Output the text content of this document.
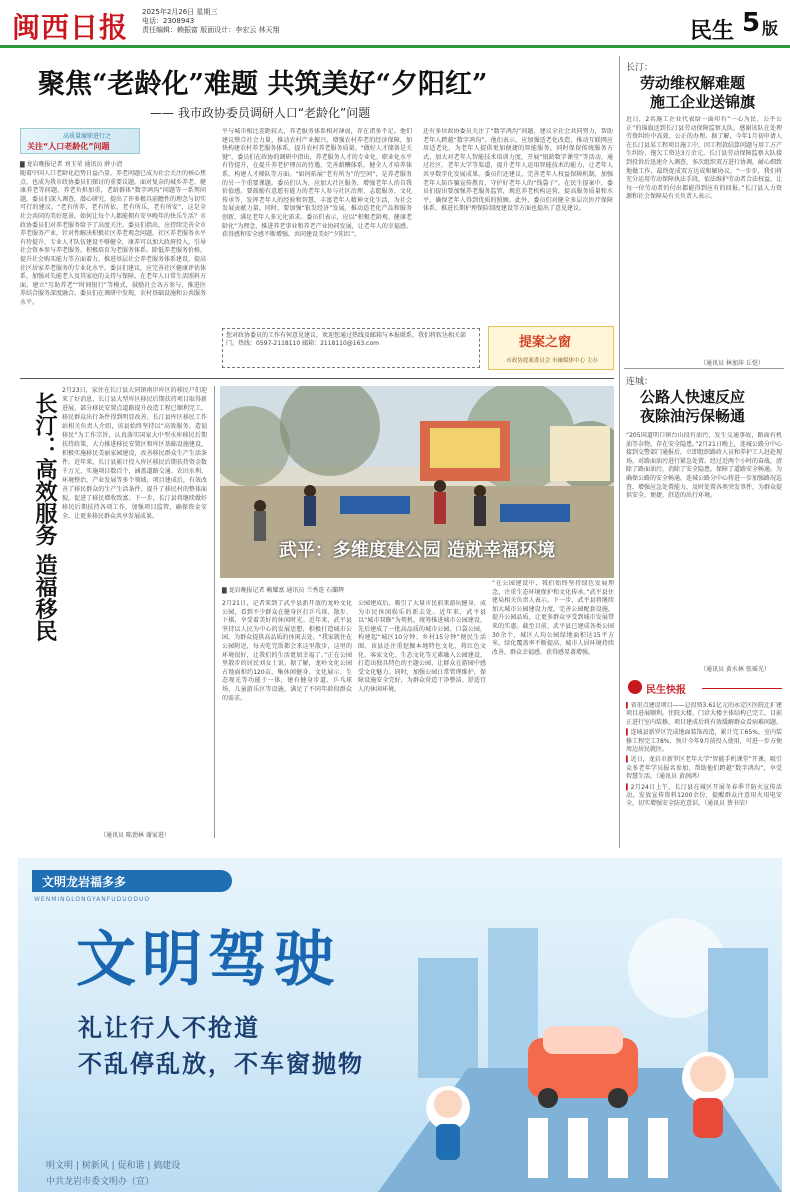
闽西日报 2025年2月26日 星期三
电话：2308943
责任编辑：赖振富 版面设计：李宏云 林天翔	民生 5 版
聚焦“老龄化”难题 共筑美好“夕阳红”
—— 我市政协委员调研人口“老龄化”问题
高质量履职进行之
关注“人口老龄化”问题
▇ 龙岩晚报记者 刘玉荣 通讯员 薛小清
随着中国人口老龄化趋势日益凸显，养老问题已成为社会关注的核心焦点，也成为我市政协委员们探讨的重要议题。面对复杂的城乡养老、健康养老等问题，养老负担加重，老龄群体“数字鸿沟”问题等一系列问题，委员们深入调查，潜心研究，提出了许多极具前瞻性的理念与切实可行的建议。“老有所养，老有所依，老有所乐，老有所安”，这是全社会共同的美好愿景。如何让每个人都能拥有安享晚年的快乐生活？市政协委员们对养老服务给予了高度关注。委员们指出，应持续完善全市养老服务产业，针对性解决积极社区养老观念问题，社区养老服务水平有待提升，专业人才队伍建设不够健全，康养可以加大政府投入，引导社会资本参与养老服务，积极培育为老服务体系。除低养老服务价格，提升社会购买能力等方面着力，推进基层社会养老服务体系建设，提高社区居家养老服务的专业化水平。委员们建议，应完善社区健康评估体系，加强对失能老人及其家庭的支持与保障。在老年人日常生活照料方面，建立“互助养老”“时间银行”等模式，鼓励社会各方参与，推进医养结合服务深度融合。委员们在调研中发现，农村基础设施和公共服务水平。
平与城市相比差距较大，养老服务体系相对薄弱，存在诸多不足。他们建议整合社会力量，推动农村产业振兴，增强农村养老的经济保障，加快构建农村养老服务体系，提升农村养老服务质量。“做好人才储备是关键”，委员们在政协的调研中指出，养老服务人才的专业化、职业化水平有待提升，在提升养老护理员的待遇，完善薪酬体系，健全人才培养体系，构建人才梯队等方面。“如何拓展“老有所为”的空间”，是养老服务的另一个重要课题。委员们认为，应加大社区服务，增强老年人的自我价值感。要鼓励有意愿有能力的老年人参与社区治理、志愿服务、文化传承等，发挥老年人的经验和智慧，丰富老年人精神文化生活，为社会发展贡献力量。同时，要加强“银发经济”发展，推动适老化产品和服务创新，满足老年人多元化需求。委员们表示，应以“积极老龄观、健康老龄化”为理念，推进养老事业和养老产业协同发展，让老年人的幸福感、获得感和安全感不断增强，共同建设美好“夕阳红”。
还有多位政协委员关注了“数字鸿沟”问题，建议全社会共同努力，帮助老年人跨越“数字鸿沟”。他们表示，应加强适老化改造，推动互联网应用适老化，为老年人提供更加便捷的智能服务，同时保留传统服务方式。加大对老年人智能技术培训力度，开展“银龄数字课堂”等活动，通过社区、老年大学等渠道，提升老年人运用智能技术的能力，让老年人共享数字化发展成果。委员们还建议，完善老年人权益保障机制，加强老年人防诈骗宣传教育，守护好老年人的“钱袋子”。在民生提案中，委员们提出要加强养老服务监管，规范养老机构运营，提高服务质量和水平，确保老年人得到优质的照顾。此外，委员们对健全多层次医疗保障体系、推进长期护理保险制度建设等方面也提出了意见建议。
您对政协委员的工作有何意见建议，欢迎您通过热线及邮箱与本报联系，我们将转达相关部门。热线：0597-2118110 邮箱：2118110@163.com	提案之窗
市政协提案委员会 市融媒体中心 主办
长汀：高效服务 造福移民
2月23日，家住在长汀县大同镇南岸库区的移民户们迎来了好消息，长汀县大型库区移民后期扶持项目取得新进展，部分移民安置点道路提升改造工程已顺利完工，移民群众出行条件得到明显改善。长汀县库区移民工作站相关负责人介绍，该县始终坚持以“高效服务、造福移民”为工作宗旨，认真落实国家大中型水库移民后期扶持政策，大力推进移民安置区和库区基础设施建设，积极实施移民美丽家园建设，改善移民群众生产生活条件。近年来，长汀县累计投入库区移民后期扶持资金数千万元，实施项目数百个，涵盖道路交通、农田水利、环境整治、产业发展等多个领域。项目建成后，有效改善了移民群众的生产生活条件，提升了移民村的整体面貌，促进了移民增收致富。下一步，长汀县将继续做好移民后期扶持各项工作，加强项目监管，确保资金安全，让更多移民群众共享发展成果。
（通讯员 陈劲林 谢家进）
武平：多维度建公园 造就幸福环境
▇ 龙岩晚报记者 赖耀富 通讯员 兰秀连 石蘭辉
2月21日，记者来到了武平县新开放的龙岭文化公园，看到不少群众在健身区打乒乓球、散步、下棋，享受着美好的休闲时光。近年来，武平县坚持以人民为中心的发展思想，积极打造城市公园，为群众提供高品质的休闲去处。“我家就住在公园附近，每天吃完饭都会来这里散步，这里的环境很好，让我们的生活更加幸福了。”正在公园里散步的居民刘女士说。据了解，龙岭文化公园占地面积约120亩，集休闲健身、文化展示、生态观光等功能于一体，建有健身步道、乒乓球场、儿童游乐区等设施，满足了不同年龄段群众的需求。
公园建成后，吸引了大量市民前来游玩健身，成为市民休闲娱乐的新去处。近年来，武平县以“城市双修”为契机，统筹推进城市公园建设，先后建成了一批高品质的城市公园、口袋公园，构建起“城区10分钟、乡村15分钟”便民生活圈。该县还注重挖掘本地特色文化，将红色文化、客家文化、生态文化等元素融入公园建设，打造出独具特色的主题公园，让群众在游园中感受文化魅力。同时，加强公园日常管理维护，保障设施安全完好，为群众营造干净整洁、舒适宜人的休闲环境。
“在公园建设中，我们始终坚持绿色发展理念，注重生态环境保护和文化传承。”武平县住建局相关负责人表示。下一步，武平县将继续加大城市公园建设力度，完善公园配套设施，提升公园品质，让更多群众享受到城市发展带来的实惠。截至目前，武平县已建成各类公园30余个，城区人均公园绿地面积达15平方米，绿化覆盖率不断提高，城市人居环境持续改善，群众幸福感、获得感显著增强。
长汀：
劳动维权解难题
施工企业送锦旗
近日，2名施工企业代表给一面印有“一心为民、公平公正”的锦旗送到长汀县劳动保障监察大队，感谢该队在处理劳资纠纷中高效、公正的办理。据了解，今年1月初申请人在长汀县某工程项目施工中，因工程款结算问题与用工方产生纠纷，拖欠工资达3万余元。长汀县劳动保障监察大队接到投诉后迅速介入调查，多次组织双方进行协调，耐心细致地做工作，最终促成双方达成和解协议。“一步步，我们将充分运用劳动保障执法手段，依法维护劳动者合法权益，让每一位劳动者的付出都能得到应有的回报。”长汀县人力资源和社会保障局有关负责人表示。
（通讯员 林加萍 丘恺）
连城：
公路人快速反应
夜除油污保畅通
“205国道明口镇台山段有油污，发生交通事故，路面有机油等杂物，存在安全隐患。”2月21日晚上，连城公路分中心接到交警部门通报后，立即组织路政人员和养护工人赶赴现场，对路面油污进行紧急处置。经过近两个小时的奋战，清除了路面油污，消除了安全隐患，保障了道路安全畅通。为确保公路的安全畅通，连城公路分中心将进一步加强路况巡查，增强应急处置能力，及时处置各类突发事件，为群众提供安全、便捷、舒适的出行环境。
（通讯员 黄水林 张瑶光）
民生快报

▍省重点建设项目——总投资3.61亿元的永定区医院迁扩建项目进展顺利。住院大楼、门诊大楼主体结构已完工，目前正进行室内装修，项目建成后将有效缓解群众看病难问题。

▍连城县新罗区完成地面装饰改造，累计完工65%，室内装修工程完工78%，预计今年9月前投入使用，可进一步方便周边居民就医。

▍近日，龙岩市新罗区老年大学“智能手机课堂”开课，吸引众多老年学员报名参加，帮助他们跨越“数字鸿沟”，享受智慧生活。（通讯员 黄润鸿）

▍2月24日上午，长汀县在城区开展冬春季节防火宣传活动，发放宣传资料1200余份，提醒群众注意用火用电安全，切实增强安全防范意识。（通讯员 蔡书荣）

文明龙岩福多多
WENMINGLONGYANFUDUODUO
文明驾驶
礼让行人不抢道
不乱停乱放，不车窗抛物
明文明 | 树新风 | 促和谐 | 搞建设
中共龙岩市委文明办（宣）
